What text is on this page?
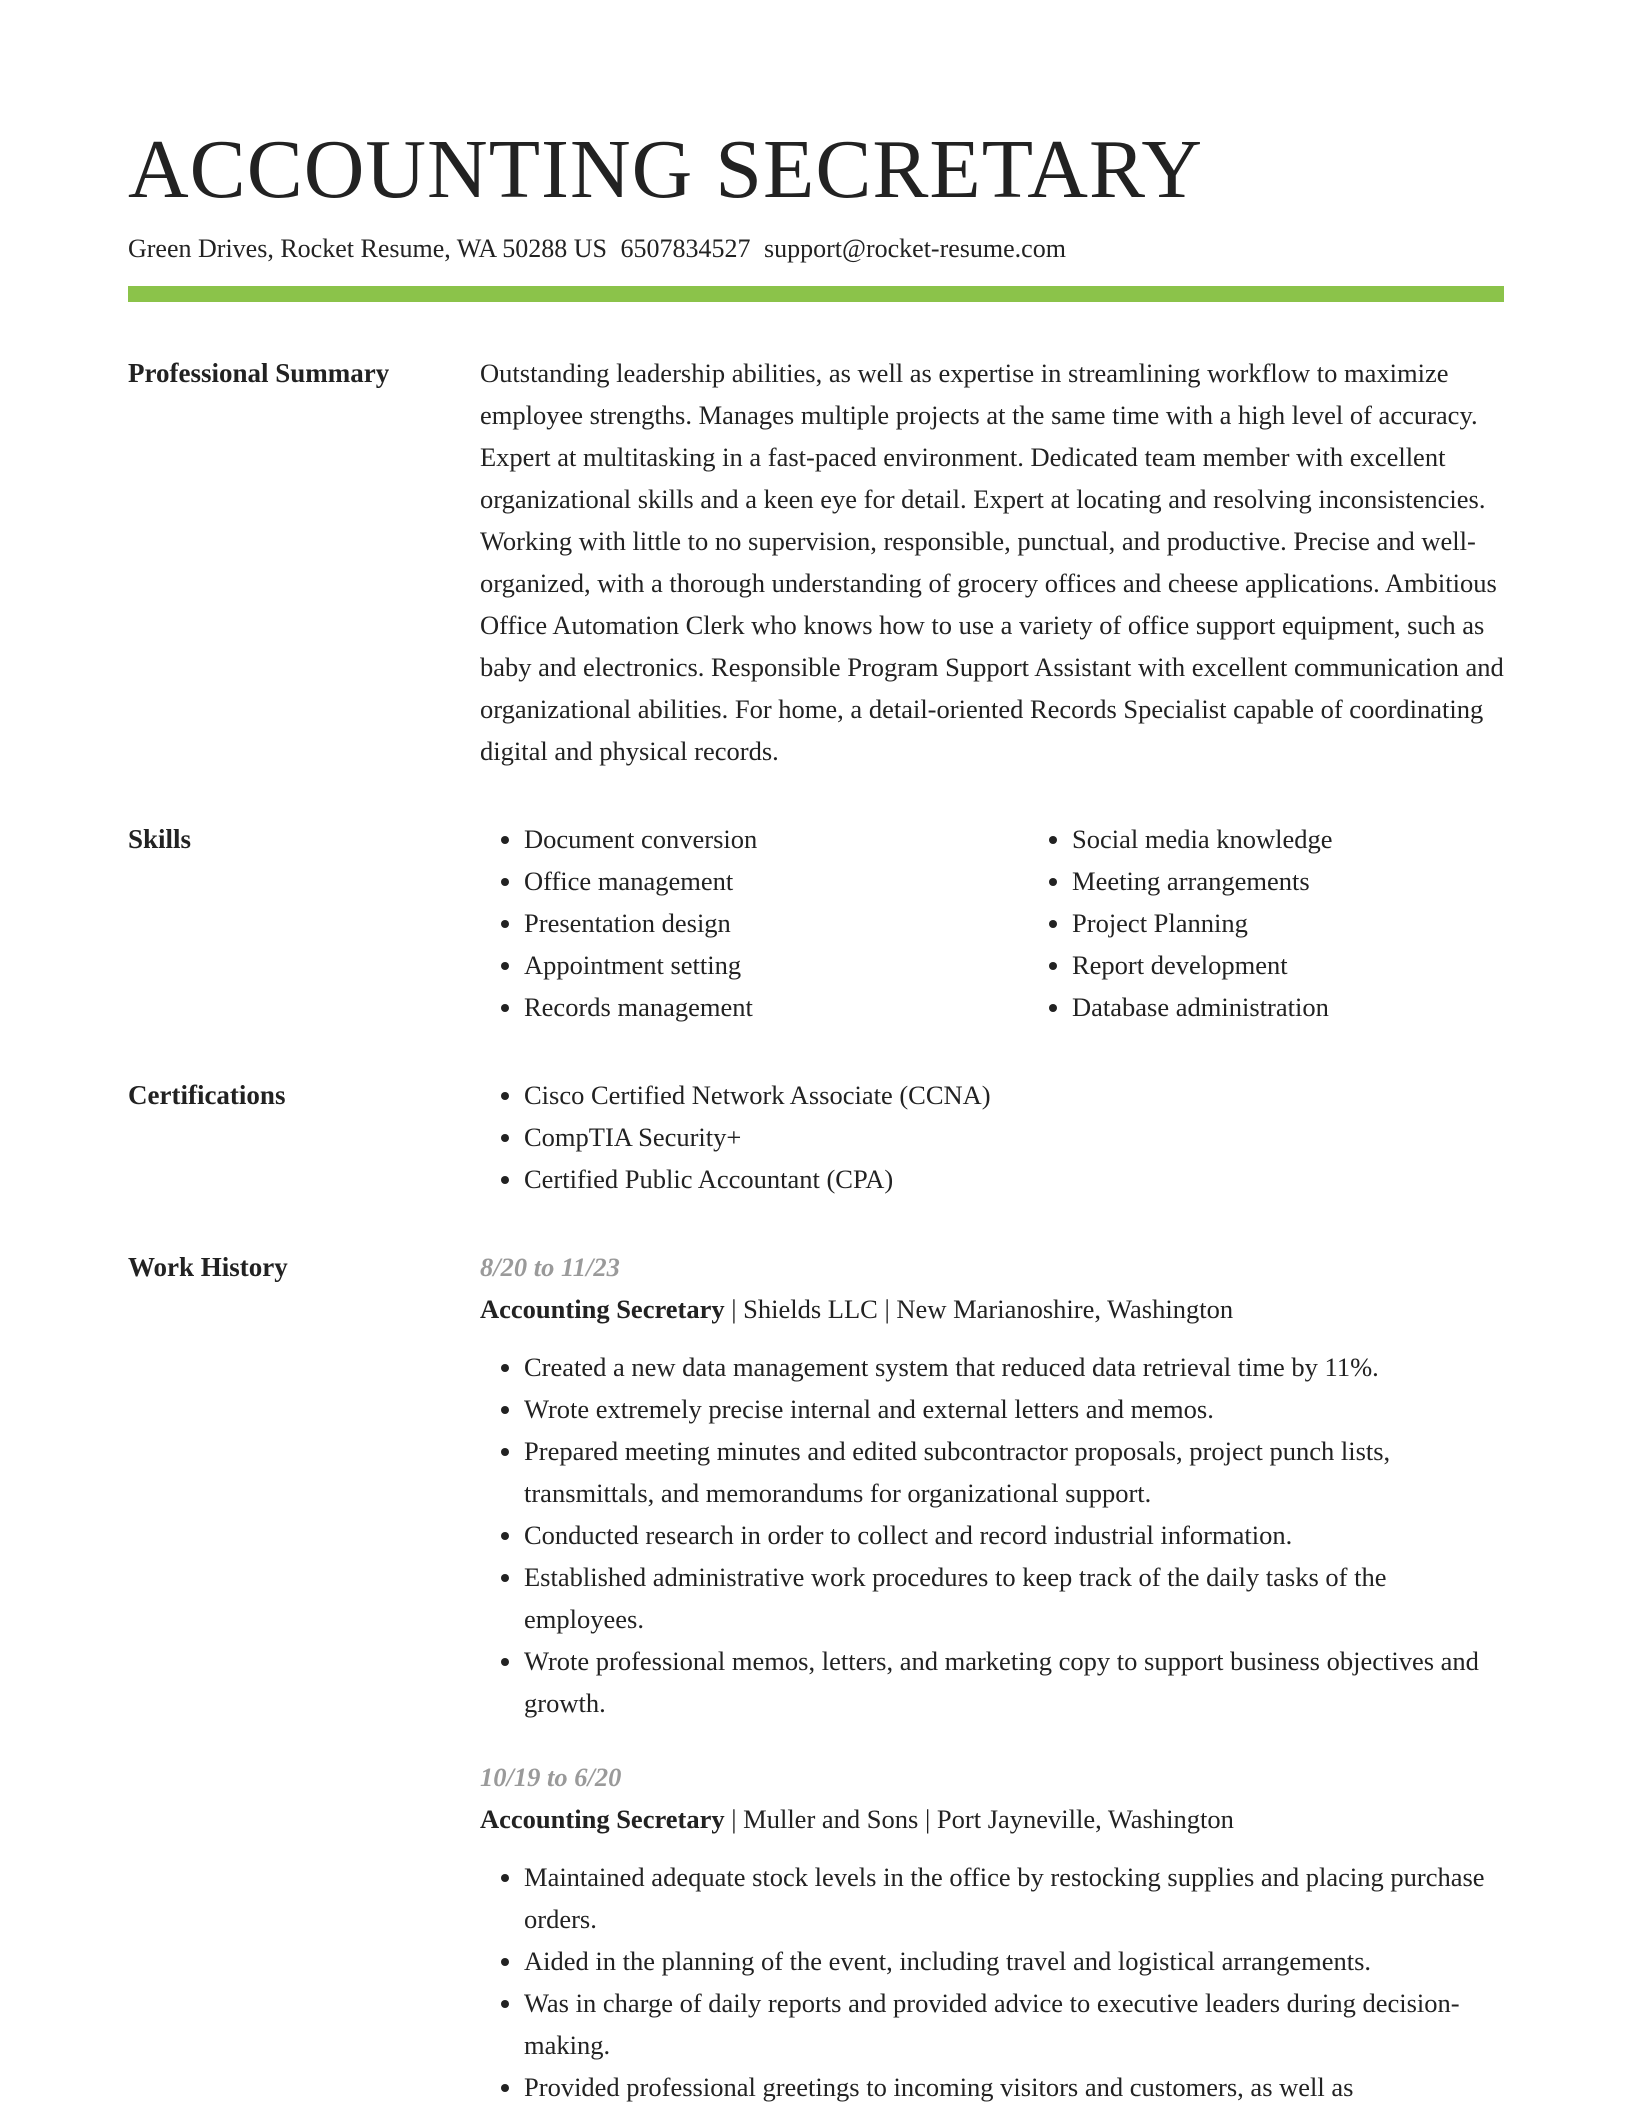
ACCOUNTING SECRETARY
Green Drives, Rocket Resume, WA 50288 US 6507834527 support@rocket-resume.com
Professional Summary	Outstanding leadership abilities, as well as expertise in streamlining workflow to maximize employee strengths. Manages multiple projects at the same time with a high level of accuracy. Expert at multitasking in a fast-paced environment. Dedicated team member with excellent organizational skills and a keen eye for detail. Expert at locating and resolving inconsistencies. Working with little to no supervision, responsible, punctual, and productive. Precise and well-organized, with a thorough understanding of grocery offices and cheese applications. Ambitious Office Automation Clerk who knows how to use a variety of office support equipment, such as baby and electronics. Responsible Program Support Assistant with excellent communication and organizational abilities. For home, a detail-oriented Records Specialist capable of coordinating digital and physical records.

Skills	• Document conversion
• Office management
• Presentation design
• Appointment setting
• Records management
• Social media knowledge
• Meeting arrangements
• Project Planning
• Report development
• Database administration
Certifications	• Cisco Certified Network Associate (CCNA)
• CompTIA Security+
• Certified Public Accountant (CPA)
Work History	8/20 to 11/23
Accounting Secretary | Shields LLC | New Marianoshire, Washington
• Created a new data management system that reduced data retrieval time by 11%.
• Wrote extremely precise internal and external letters and memos.
• Prepared meeting minutes and edited subcontractor proposals, project punch lists, transmittals, and memorandums for organizational support.
• Conducted research in order to collect and record industrial information.
• Established administrative work procedures to keep track of the daily tasks of the employees.
• Wrote professional memos, letters, and marketing copy to support business objectives and growth.
10/19 to 6/20
Accounting Secretary | Muller and Sons | Port Jayneville, Washington
• Maintained adequate stock levels in the office by restocking supplies and placing purchase orders.
• Aided in the planning of the event, including travel and logistical arrangements.
• Was in charge of daily reports and provided advice to executive leaders during decision-making.
• Provided professional greetings to incoming visitors and customers, as well as
